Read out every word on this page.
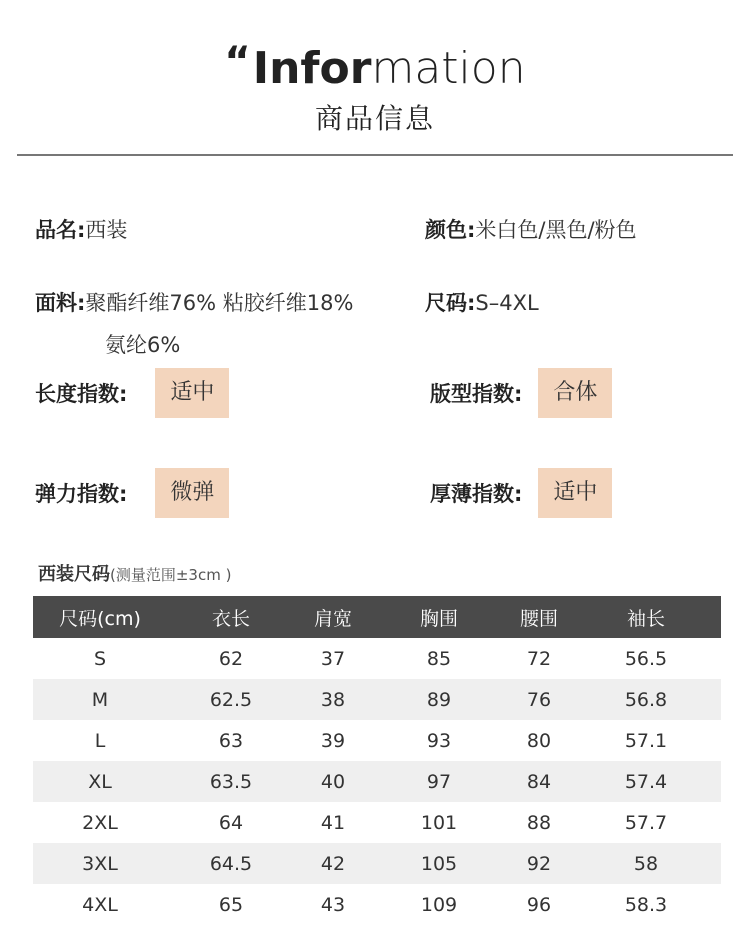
“Information
商品信息
品名:西装	颜色:米白色/黑色/粉色
面料:聚酯纤维76% 粘胶纤维18%
氨纶6%
尺码:S–4XL
长度指数:	适中	版型指数:	合体
弹力指数:	微弹	厚薄指数:	适中
西装尺码(测量范围±3cm )
尺码(cm)	衣长	肩宽	胸围	腰围	袖长
S	62	37	85	72	56.5
M	62.5	38	89	76	56.8
L	63	39	93	80	57.1
XL	63.5	40	97	84	57.4
2XL	64	41	101	88	57.7
3XL	64.5	42	105	92	58
4XL	65	43	109	96	58.3
